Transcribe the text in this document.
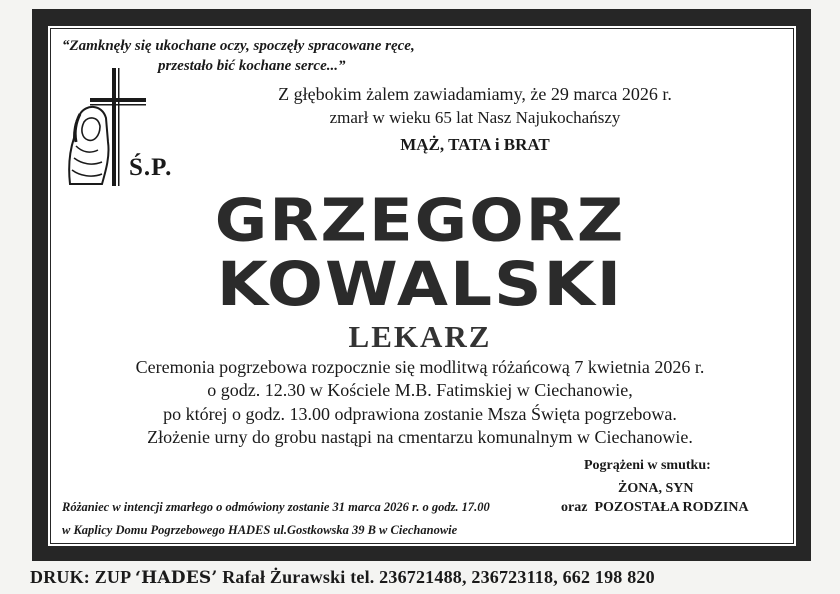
“Zamknęły się ukochane oczy, spoczęły spracowane ręce,
przestało bić kochane serce...”
Ś.P.
Z głębokim żalem zawiadamiamy, że 29 marca 2026 r.
zmarł w wieku 65 lat Nasz Najukochańszy
MĄŻ, TATA i BRAT
GRZEGORZ
KOWALSKI
LEKARZ
Ceremonia pogrzebowa rozpocznie się modlitwą różańcową 7 kwietnia 2026 r.
o godz. 12.30 w Kościele M.B. Fatimskiej w Ciechanowie,
po której o godz. 13.00 odprawiona zostanie Msza Święta pogrzebowa.
Złożenie urny do grobu nastąpi na cmentarzu komunalnym w Ciechanowie.
Pogrążeni w smutku:
ŻONA, SYN
oraz POZOSTAŁA RODZINA
Różaniec w intencji zmarłego o odmówiony zostanie 31 marca 2026 r. o godz. 17.00
w Kaplicy Domu Pogrzebowego HADES ul.Gostkowska 39 B w Ciechanowie
DRUK: ZUP ‘HADES’ Rafał Żurawski tel. 236721488, 236723118, 662 198 820
